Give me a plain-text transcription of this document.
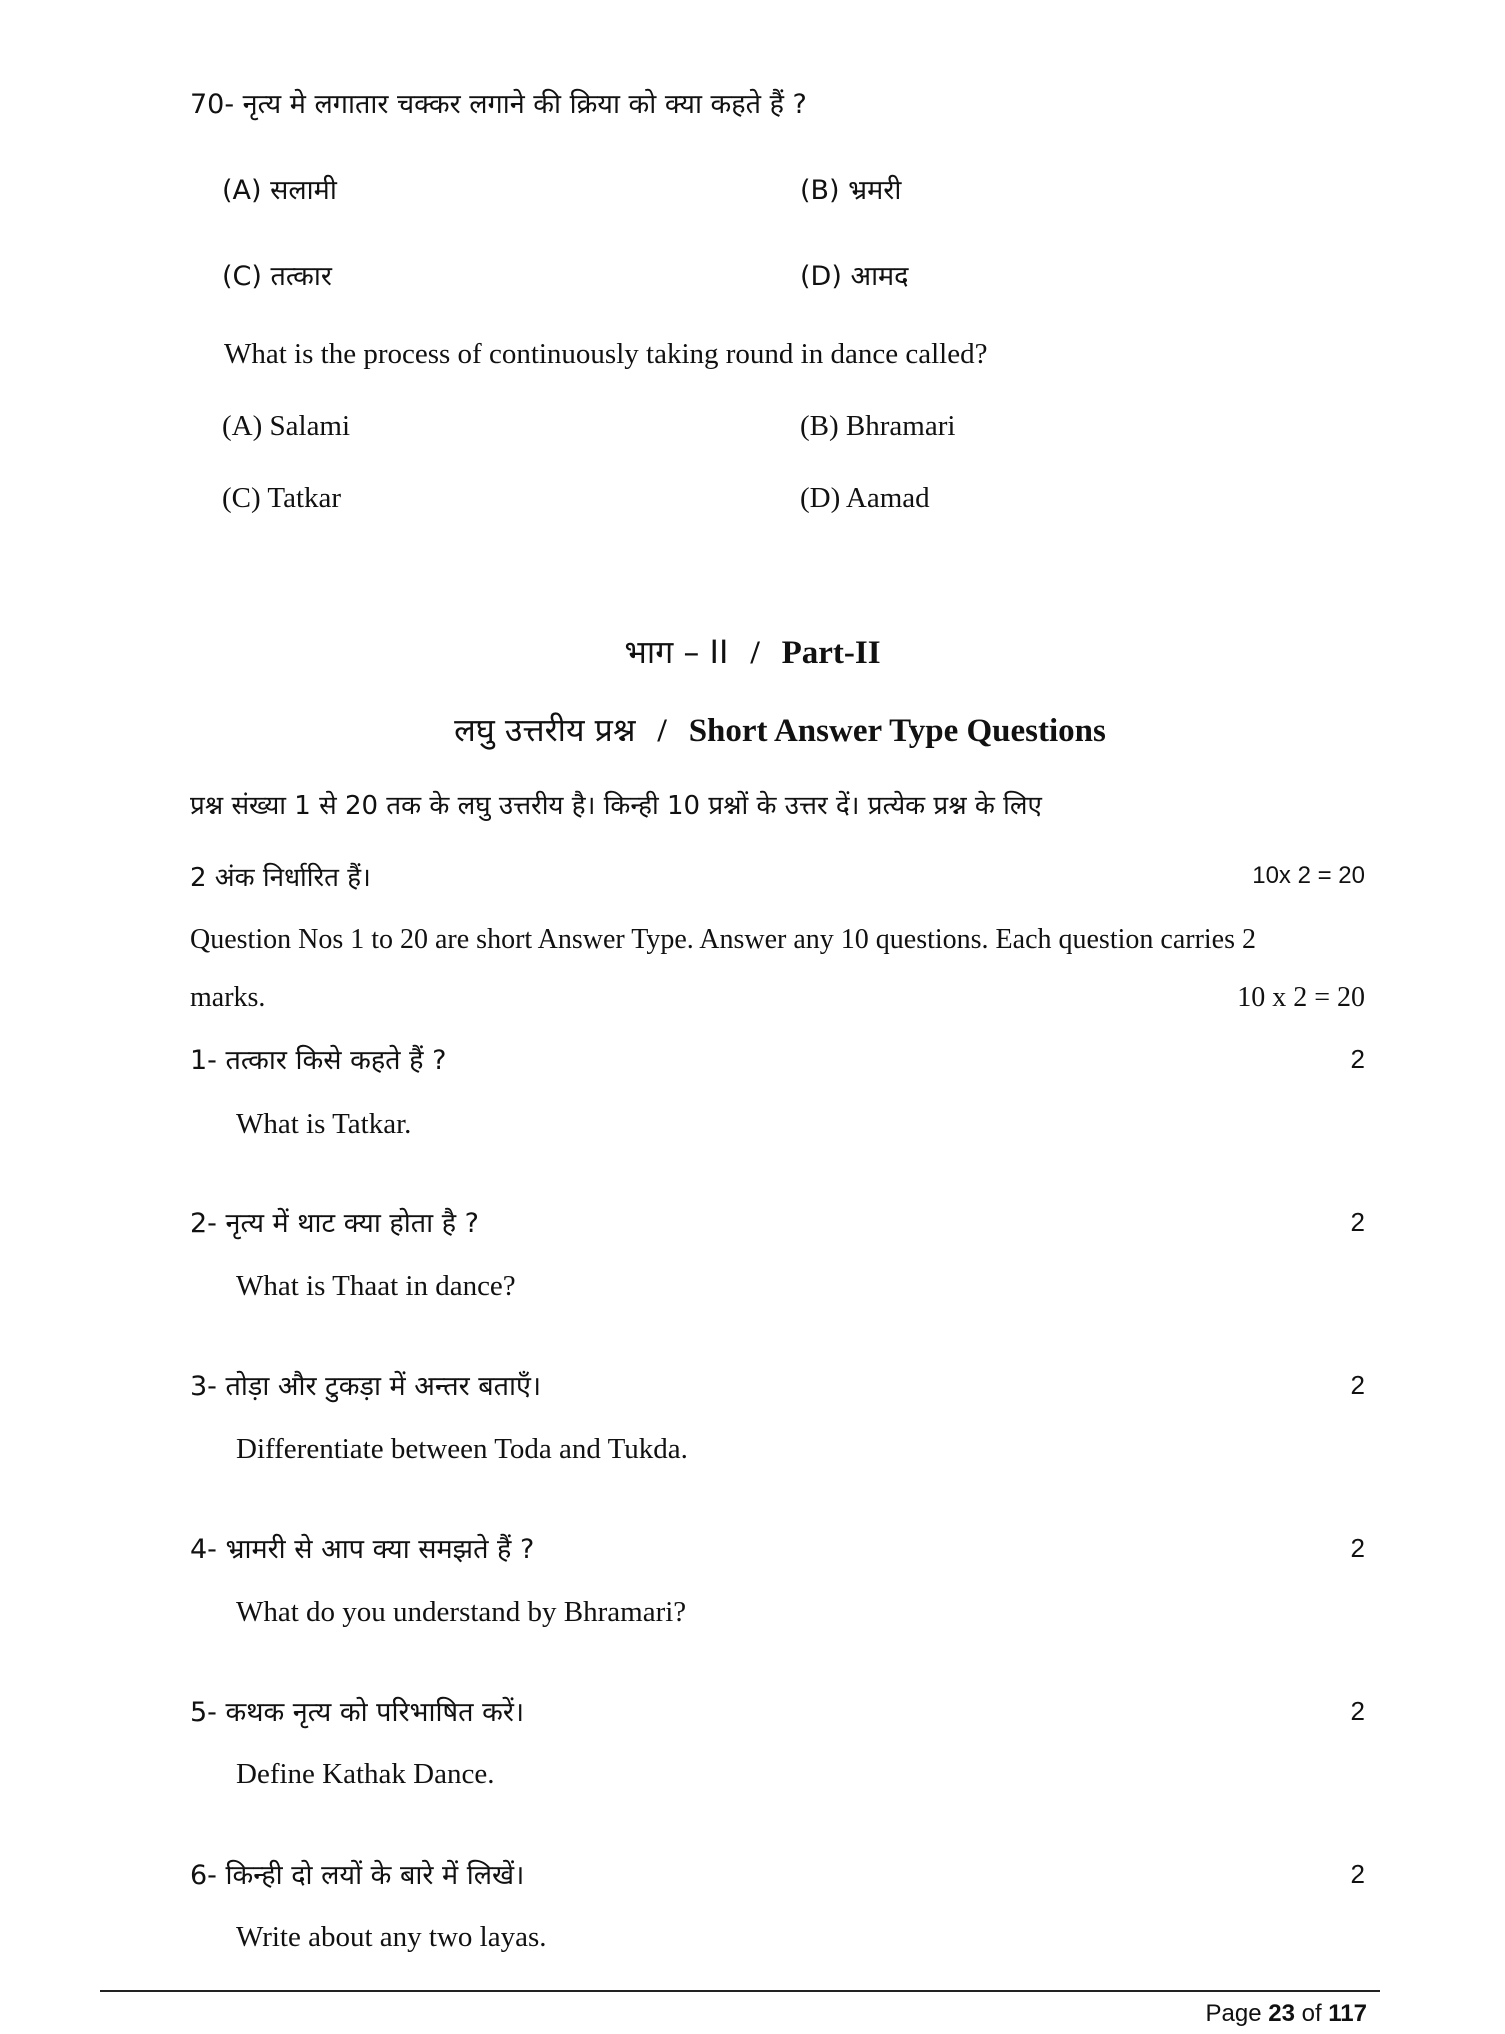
70- नृत्य मे लगातार चक्कर लगाने की क्रिया को क्या कहते हैं ?
(A) सलामी	(B) भ्रमरी
(C) तत्कार	(D) आमद
What is the process of continuously taking round in dance called?
(A) Salami	(B) Bhramari
(C) Tatkar	(D) Aamad
भाग – II / Part-II
लघु उत्तरीय प्रश्न / Short Answer Type Questions
प्रश्न संख्या 1 से 20 तक के लघु उत्तरीय है। किन्ही 10 प्रश्नों के उत्तर दें। प्रत्येक प्रश्न के लिए
2 अंक निर्धारित हैं।	10x 2 = 20
Question Nos 1 to 20 are short Answer Type. Answer any 10 questions. Each question carries 2
marks.	10 x 2 = 20
1- तत्कार किसे कहते हैं ?	2
What is Tatkar.
2- नृत्य में थाट क्या होता है ?	2
What is Thaat in dance?
3- तोड़ा और टुकड़ा में अन्तर बताएँ।	2
Differentiate between Toda and Tukda.
4- भ्रामरी से आप क्या समझते हैं ?	2
What do you understand by Bhramari?
5- कथक नृत्य को परिभाषित करें।	2
Define Kathak Dance.
6- किन्ही दो लयों के बारे में लिखें।	2
Write about any two layas.
Page 23 of 117
